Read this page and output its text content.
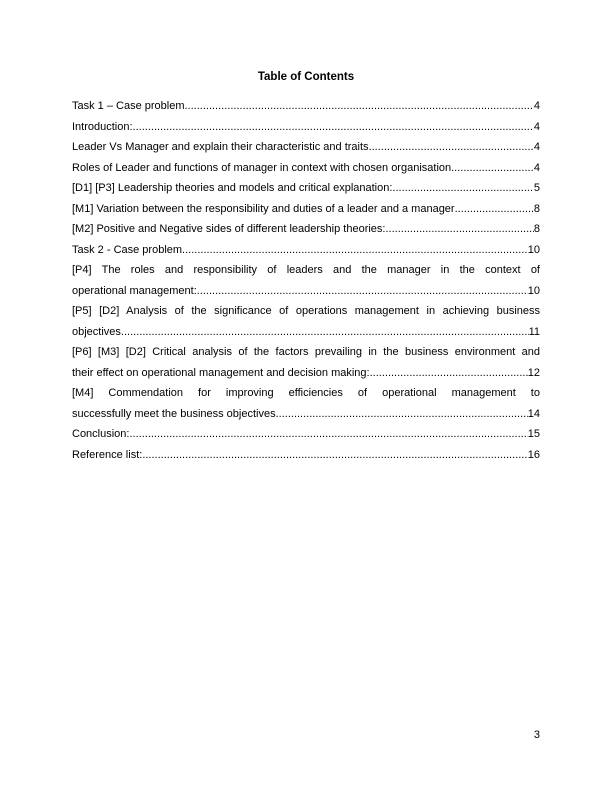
Table of Contents
Task 1 – Case problem .....	4
Introduction: .....	4
Leader Vs Manager and explain their characteristic and traits .....	4
Roles of Leader and functions of manager in context with chosen organisation .....	4
[D1] [P3] Leadership theories and models and critical explanation: .....	5
[M1] Variation between the responsibility and duties of a leader and a manager .....	8
[M2] Positive and Negative sides of different leadership theories: .....	8
Task 2 - Case problem .....	10
[P4] The roles and responsibility of leaders and the manager in the context of
operational management: .....	10
[P5] [D2] Analysis of the significance of operations management in achieving business
objectives .....	11
[P6] [M3] [D2] Critical analysis of the factors prevailing in the business environment and
their effect on operational management and decision making: .....	12
[M4] Commendation for improving efficiencies of operational management to
successfully meet the business objectives .....	14
Conclusion: .....	15
Reference list: .....	16
3
